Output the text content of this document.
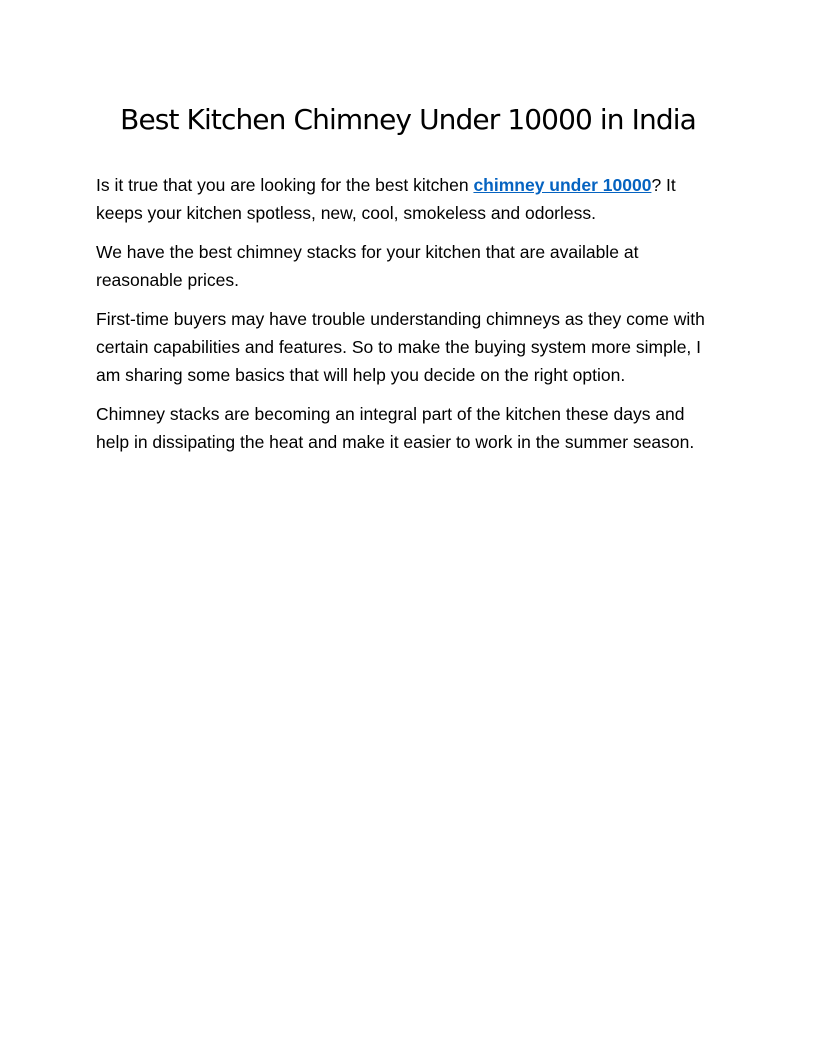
Best Kitchen Chimney Under 10000 in India

Is it true that you are looking for the best kitchen chimney under 10000? It keeps your kitchen spotless, new, cool, smokeless and odorless.

We have the best chimney stacks for your kitchen that are available at reasonable prices.

First-time buyers may have trouble understanding chimneys as they come with certain capabilities and features. So to make the buying system more simple, I am sharing some basics that will help you decide on the right option.

Chimney stacks are becoming an integral part of the kitchen these days and help in dissipating the heat and make it easier to work in the summer season.
